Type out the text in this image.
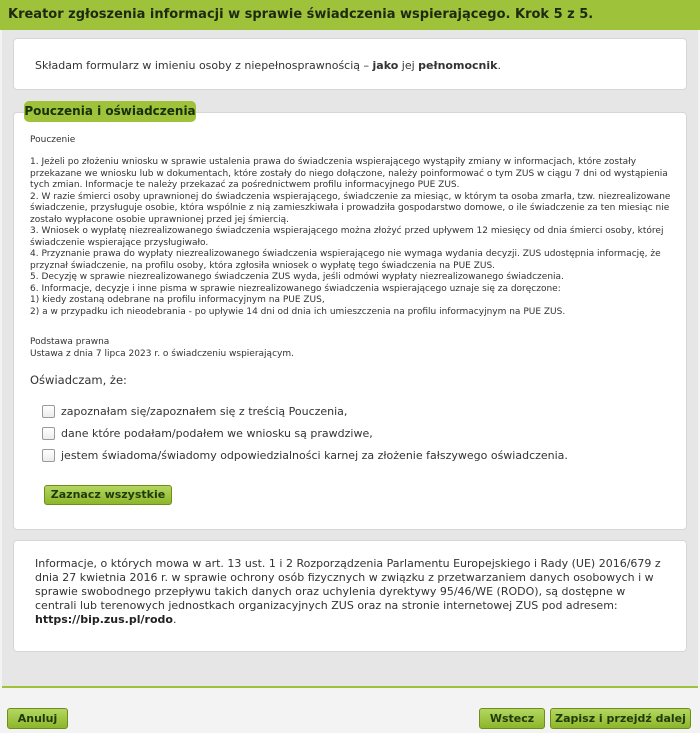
Kreator zgłoszenia informacji w sprawie świadczenia wspierającego. Krok 5 z 5.
Składam formularz w imieniu osoby z niepełnosprawnością – jako jej pełnomocnik.
Pouczenia i oświadczenia
Pouczenie
1. Jeżeli po złożeniu wniosku w sprawie ustalenia prawa do świadczenia wspierającego wystąpiły zmiany w informacjach, które zostały
przekazane we wniosku lub w dokumentach, które zostały do niego dołączone, należy poinformować o tym ZUS w ciągu 7 dni od wystąpienia
tych zmian. Informacje te należy przekazać za pośrednictwem profilu informacyjnego PUE ZUS.
2. W razie śmierci osoby uprawnionej do świadczenia wspierającego, świadczenie za miesiąc, w którym ta osoba zmarła, tzw. niezrealizowane
świadczenie, przysługuje osobie, która wspólnie z nią zamieszkiwała i prowadziła gospodarstwo domowe, o ile świadczenie za ten miesiąc nie
zostało wypłacone osobie uprawnionej przed jej śmiercią.
3. Wniosek o wypłatę niezrealizowanego świadczenia wspierającego można złożyć przed upływem 12 miesięcy od dnia śmierci osoby, której
świadczenie wspierające przysługiwało.
4. Przyznanie prawa do wypłaty niezrealizowanego świadczenia wspierającego nie wymaga wydania decyzji. ZUS udostępnia informację, że
przyznał świadczenie, na profilu osoby, która zgłosiła wniosek o wypłatę tego świadczenia na PUE ZUS.
5. Decyzję w sprawie niezrealizowanego świadczenia ZUS wyda, jeśli odmówi wypłaty niezrealizowanego świadczenia.
6. Informacje, decyzje i inne pisma w sprawie niezrealizowanego świadczenia wspierającego uznaje się za doręczone:
1) kiedy zostaną odebrane na profilu informacyjnym na PUE ZUS,
2) a w przypadku ich nieodebrania - po upływie 14 dni od dnia ich umieszczenia na profilu informacyjnym na PUE ZUS.
Podstawa prawna
Ustawa z dnia 7 lipca 2023 r. o świadczeniu wspierającym.
Oświadczam, że:
zapoznałam się/zapoznałem się z treścią Pouczenia,
dane które podałam/podałem we wniosku są prawdziwe,
jestem świadoma/świadomy odpowiedzialności karnej za złożenie fałszywego oświadczenia.
Zaznacz wszystkie
Informacje, o których mowa w art. 13 ust. 1 i 2 Rozporządzenia Parlamentu Europejskiego i Rady (UE) 2016/679 z dnia 27 kwietnia 2016 r. w sprawie ochrony osób fizycznych w związku z przetwarzaniem danych osobowych i w sprawie swobodnego przepływu takich danych oraz uchylenia dyrektywy 95/46/WE (RODO), są dostępne w centrali lub terenowych jednostkach organizacyjnych ZUS oraz na stronie internetowej ZUS pod adresem:
https://bip.zus.pl/rodo.
Anuluj	Wstecz	Zapisz i przejdź dalej
